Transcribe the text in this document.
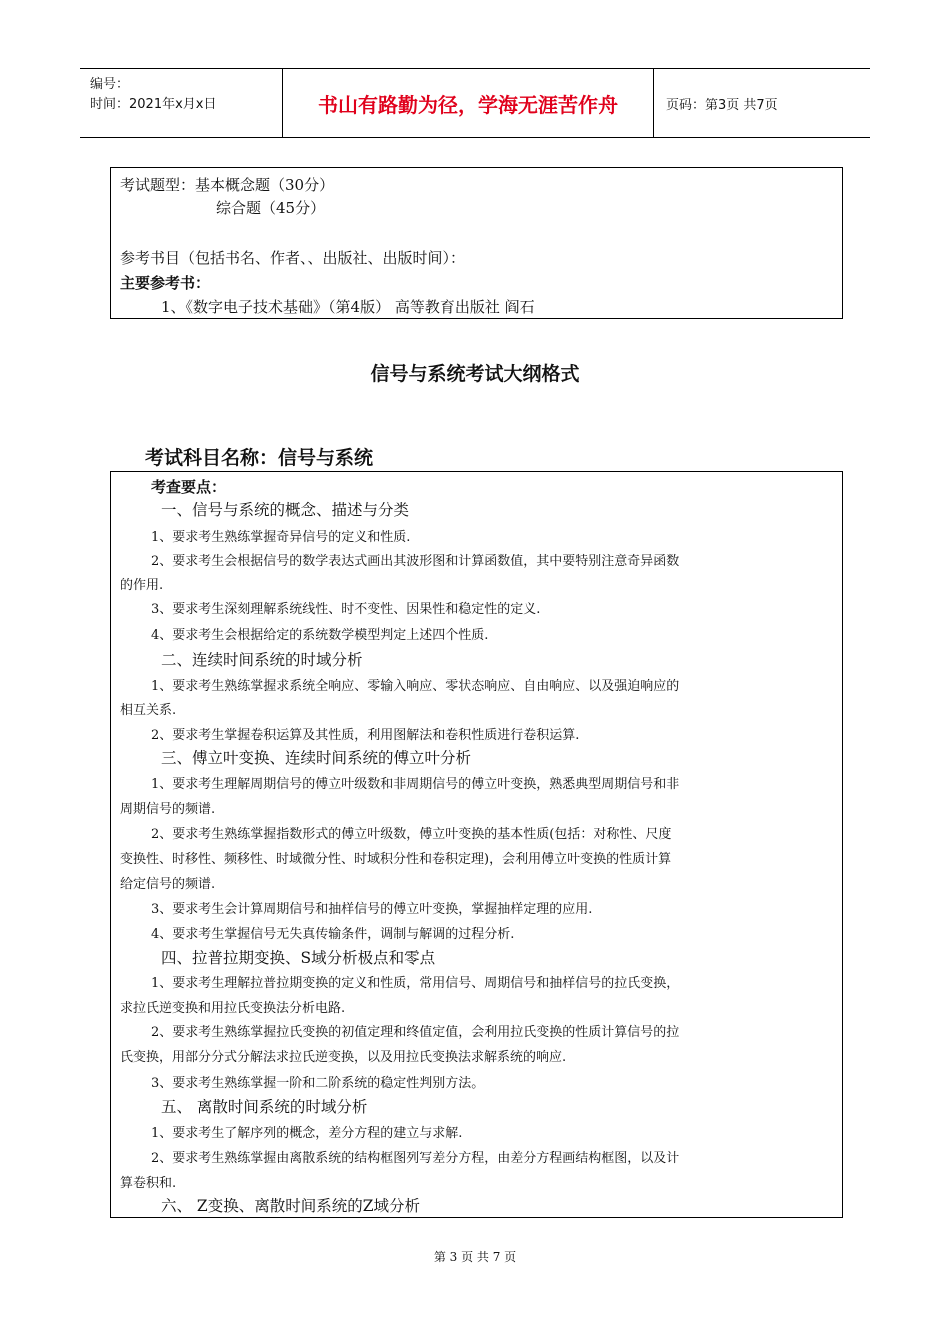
编号：
时间：2021年x月x日	书山有路勤为径，学海无涯苦作舟	页码：第3页 共7页
考试题型：基本概念题（30分）
综合题（45分）
参考书目（包括书名、作者、、出版社、出版时间）：
主要参考书：
1、《数字电子技术基础》（第4版） 高等教育出版社 阎石
信号与系统考试大纲格式
考试科目名称：信号与系统
考查要点：
一、信号与系统的概念、描述与分类
1、要求考生熟练掌握奇异信号的定义和性质.
2、要求考生会根据信号的数学表达式画出其波形图和计算函数值，其中要特别注意奇异函数
的作用.
3、要求考生深刻理解系统线性、时不变性、因果性和稳定性的定义.
4、要求考生会根据给定的系统数学模型判定上述四个性质.
二、连续时间系统的时域分析
1、要求考生熟练掌握求系统全响应、零输入响应、零状态响应、自由响应、以及强迫响应的
相互关系.
2、要求考生掌握卷积运算及其性质，利用图解法和卷积性质进行卷积运算.
三、傅立叶变换、连续时间系统的傅立叶分析
1、要求考生理解周期信号的傅立叶级数和非周期信号的傅立叶变换，熟悉典型周期信号和非
周期信号的频谱.
2、要求考生熟练掌握指数形式的傅立叶级数，傅立叶变换的基本性质(包括：对称性、尺度
变换性、时移性、频移性、时域微分性、时域积分性和卷积定理)，会利用傅立叶变换的性质计算
给定信号的频谱.
3、要求考生会计算周期信号和抽样信号的傅立叶变换，掌握抽样定理的应用.
4、要求考生掌握信号无失真传输条件，调制与解调的过程分析.
四、拉普拉期变换、S域分析极点和零点
1、要求考生理解拉普拉期变换的定义和性质，常用信号、周期信号和抽样信号的拉氏变换，
求拉氏逆变换和用拉氏变换法分析电路.
2、要求考生熟练掌握拉氏变换的初值定理和终值定值，会利用拉氏变换的性质计算信号的拉
氏变换，用部分分式分解法求拉氏逆变换，以及用拉氏变换法求解系统的响应.
3、要求考生熟练掌握一阶和二阶系统的稳定性判别方法。
五、 离散时间系统的时域分析
1、要求考生了解序列的概念，差分方程的建立与求解.
2、要求考生熟练掌握由离散系统的结构框图列写差分方程，由差分方程画结构框图，以及计
算卷积和.
六、 Z变换、离散时间系统的Z域分析
第 3 页 共 7 页
